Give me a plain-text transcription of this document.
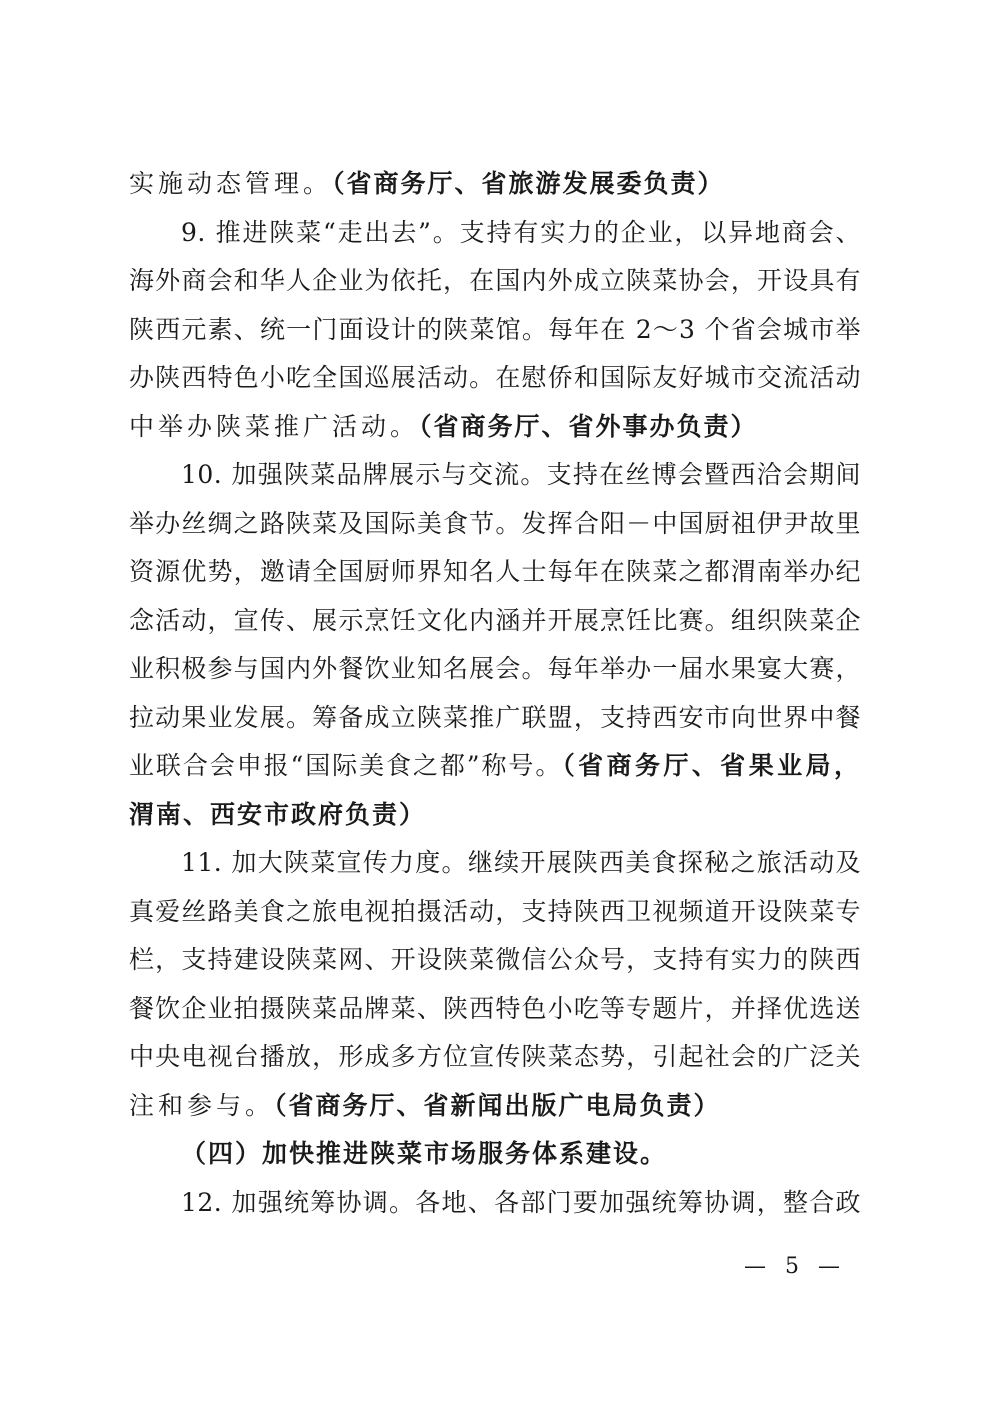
实施动态管理。（省商务厅、省旅游发展委负责）
9. 推进陕菜“走出去”。支持有实力的企业，以异地商会、
海外商会和华人企业为依托，在国内外成立陕菜协会，开设具有
陕西元素、统一门面设计的陕菜馆。每年在 2～3 个省会城市举
办陕西特色小吃全国巡展活动。在慰侨和国际友好城市交流活动
中举办陕菜推广活动。（省商务厅、省外事办负责）
10. 加强陕菜品牌展示与交流。支持在丝博会暨西洽会期间
举办丝绸之路陕菜及国际美食节。发挥合阳－中国厨祖伊尹故里
资源优势，邀请全国厨师界知名人士每年在陕菜之都渭南举办纪
念活动，宣传、展示烹饪文化内涵并开展烹饪比赛。组织陕菜企
业积极参与国内外餐饮业知名展会。每年举办一届水果宴大赛，
拉动果业发展。筹备成立陕菜推广联盟，支持西安市向世界中餐
业联合会申报“国际美食之都”称号。（省商务厅、省果业局，
渭南、西安市政府负责）
11. 加大陕菜宣传力度。继续开展陕西美食探秘之旅活动及
真爱丝路美食之旅电视拍摄活动，支持陕西卫视频道开设陕菜专
栏，支持建设陕菜网、开设陕菜微信公众号，支持有实力的陕西
餐饮企业拍摄陕菜品牌菜、陕西特色小吃等专题片，并择优选送
中央电视台播放，形成多方位宣传陕菜态势，引起社会的广泛关
注和参与。（省商务厅、省新闻出版广电局负责）
（四）加快推进陕菜市场服务体系建设。
12. 加强统筹协调。各地、各部门要加强统筹协调，整合政
— 5 —
